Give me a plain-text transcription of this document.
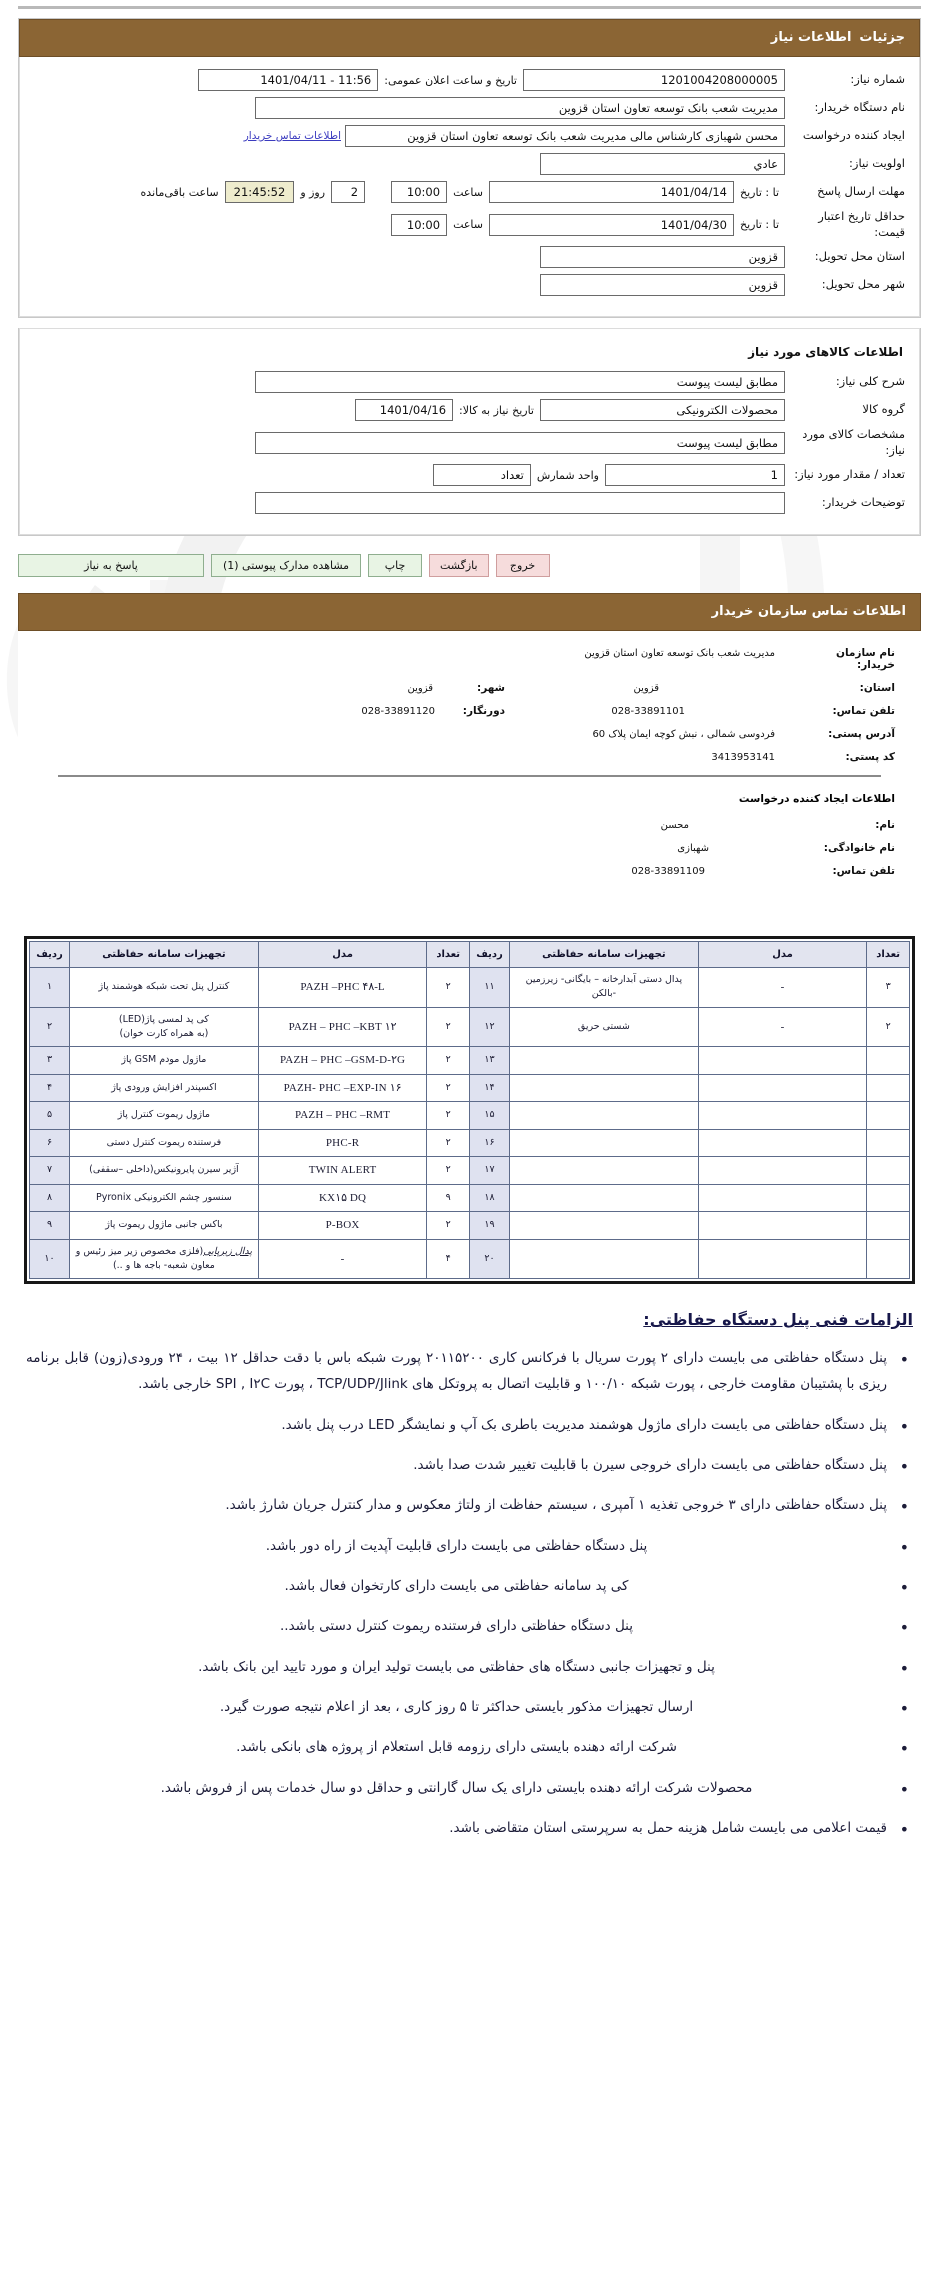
جزئیاتاطلاعات نیاز
شماره نیاز:
1201004208000005
تاریخ و ساعت اعلان عمومی:
1401/04/11 - 11:56
نام دستگاه خریدار:
مدیریت شعب بانک توسعه تعاون استان قزوین
ایجاد کننده درخواست
محسن شهبازی کارشناس مالی مدیریت شعب بانک توسعه تعاون استان قزوین
اطلاعات تماس خریدار
اولویت نیاز:
عادي
مهلت ارسال پاسخ
تا : تاریخ
1401/04/14
ساعت
10:00
2
روز و
21:45:52
ساعت باقی‌مانده
حداقل تاریخ اعتبار قیمت:
تا : تاریخ
1401/04/30
ساعت
10:00
استان محل تحویل:
قزوین
شهر محل تحویل:
قزوین
اطلاعات کالاهای مورد نیاز
شرح کلی نیاز:
مطابق لیست پیوست
گروه کالا
محصولات الکترونیکی
تاریخ نیاز به کالا:
1401/04/16
مشخصات کالای مورد نیاز:
مطابق لیست پیوست
تعداد / مقدار مورد نیاز:
1
واحد شمارش
تعداد
توضیحات خریدار:
پاسخ به نیاز	مشاهده مدارک پیوستی (1)	چاپ	بازگشت	خروج
اطلاعات تماس سازمان خریدار
نام سازمان خریدار:
مدیریت شعب بانک توسعه تعاون استان قزوین
استان:
قزوین
شهر:
قزوین
تلفن تماس:
028-33891101
دورنگار:
028-33891120
آدرس پستی:
فردوسی شمالی ، نبش کوچه ایمان پلاک 60
کد پستی:
3413953141
اطلاعات ایجاد کننده درخواست
نام:
محسن
نام خانوادگی:
شهبازی
تلفن تماس:
028-33891109
تعداد	مدل	تجهیزات سامانه حفاظتی	ردیف	تعداد	مدل	تجهیزات سامانه حفاظتی	ردیف
۳	-	پدال دستی آبدارخانه – بایگانی- زیرزمین -بالکن	۱۱	۲	PAZH –PHC ۴۸-L	کنترل پنل تحت شبکه هوشمند پاژ	۱
۲	-	شستی حریق	۱۲	۲	PAZH – PHC –KBT ۱۲	کی پد لمسی پاژ(LED)
(به همراه کارت خوان)	۲
			۱۳	۲	PAZH – PHC –GSM-D-۲G	ماژول مودم GSM پاژ	۳
			۱۴	۲	PAZH- PHC –EXP-IN ۱۶	اکسپندر افزایش ورودی پاژ	۴
			۱۵	۲	PAZH – PHC –RMT	ماژول ریموت کنترل پاژ	۵
			۱۶	۲	PHC-R	فرستنده ریموت کنترل دستی	۶
			۱۷	۲	TWIN ALERT	آژیر سیرن پایرونیکس(داخلی –سقفی)	۷
			۱۸	۹	KX۱۵ DQ	سنسور چشم الکترونیکی Pyronix	۸
			۱۹	۲	P-BOX	باکس جانبی ماژول ریموت پاژ	۹
			۲۰	۴	-	پدال زیرپایی(فلزی مخصوص زیر میز رئیس و معاون شعبه- باجه ها و ..)	۱۰
الزامات فنی پنل دستگاه حفاظتی:
• پنل دستگاه حفاظتی می بایست دارای ۲ پورت سریال با فرکانس کاری ۲۰۱۱۵۲۰۰ پورت شبکه باس با دقت حداقل ۱۲ بیت ، ۲۴ ورودی(زون) قابل برنامه ریزی با پشتیبان مقاومت خارجی ، پورت شبکه ۱۰۰/۱۰ و قابلیت اتصال به پروتکل های TCP/UDP/Jlink ، پورت SPI , I۲C خارجی باشد.
• پنل دستگاه حفاظتی می بایست دارای ماژول هوشمند مدیریت باطری بک آپ و نمایشگر LED درب پنل باشد.
• پنل دستگاه حفاظتی می بایست دارای خروجی سیرن با قابلیت تغییر شدت صدا باشد.
• پنل دستگاه حفاظتی دارای ۳ خروجی تغذیه ۱ آمپری ، سیستم حفاظت از ولتاژ معکوس و مدار کنترل جریان شارژ باشد.
• پنل دستگاه حفاظتی می بایست دارای قابلیت آپدیت از راه دور باشد.
• کی پد سامانه حفاظتی می بایست دارای کارتخوان فعال باشد.
• پنل دستگاه حفاظتی دارای فرستنده ریموت کنترل دستی باشد..
• پنل و تجهیزات جانبی دستگاه های حفاظتی می بایست تولید ایران و مورد تایید این بانک باشد.
• ارسال تجهیزات مذکور بایستی حداکثر تا ۵ روز کاری ، بعد از اعلام نتیجه صورت گیرد.
• شرکت ارائه دهنده بایستی دارای رزومه قابل استعلام از پروژه های بانکی باشد.
• محصولات شرکت ارائه دهنده بایستی دارای یک سال گارانتی و حداقل دو سال خدمات پس از فروش باشد.
• قیمت اعلامی می بایست شامل هزینه حمل به سرپرستی استان متقاضی باشد.
